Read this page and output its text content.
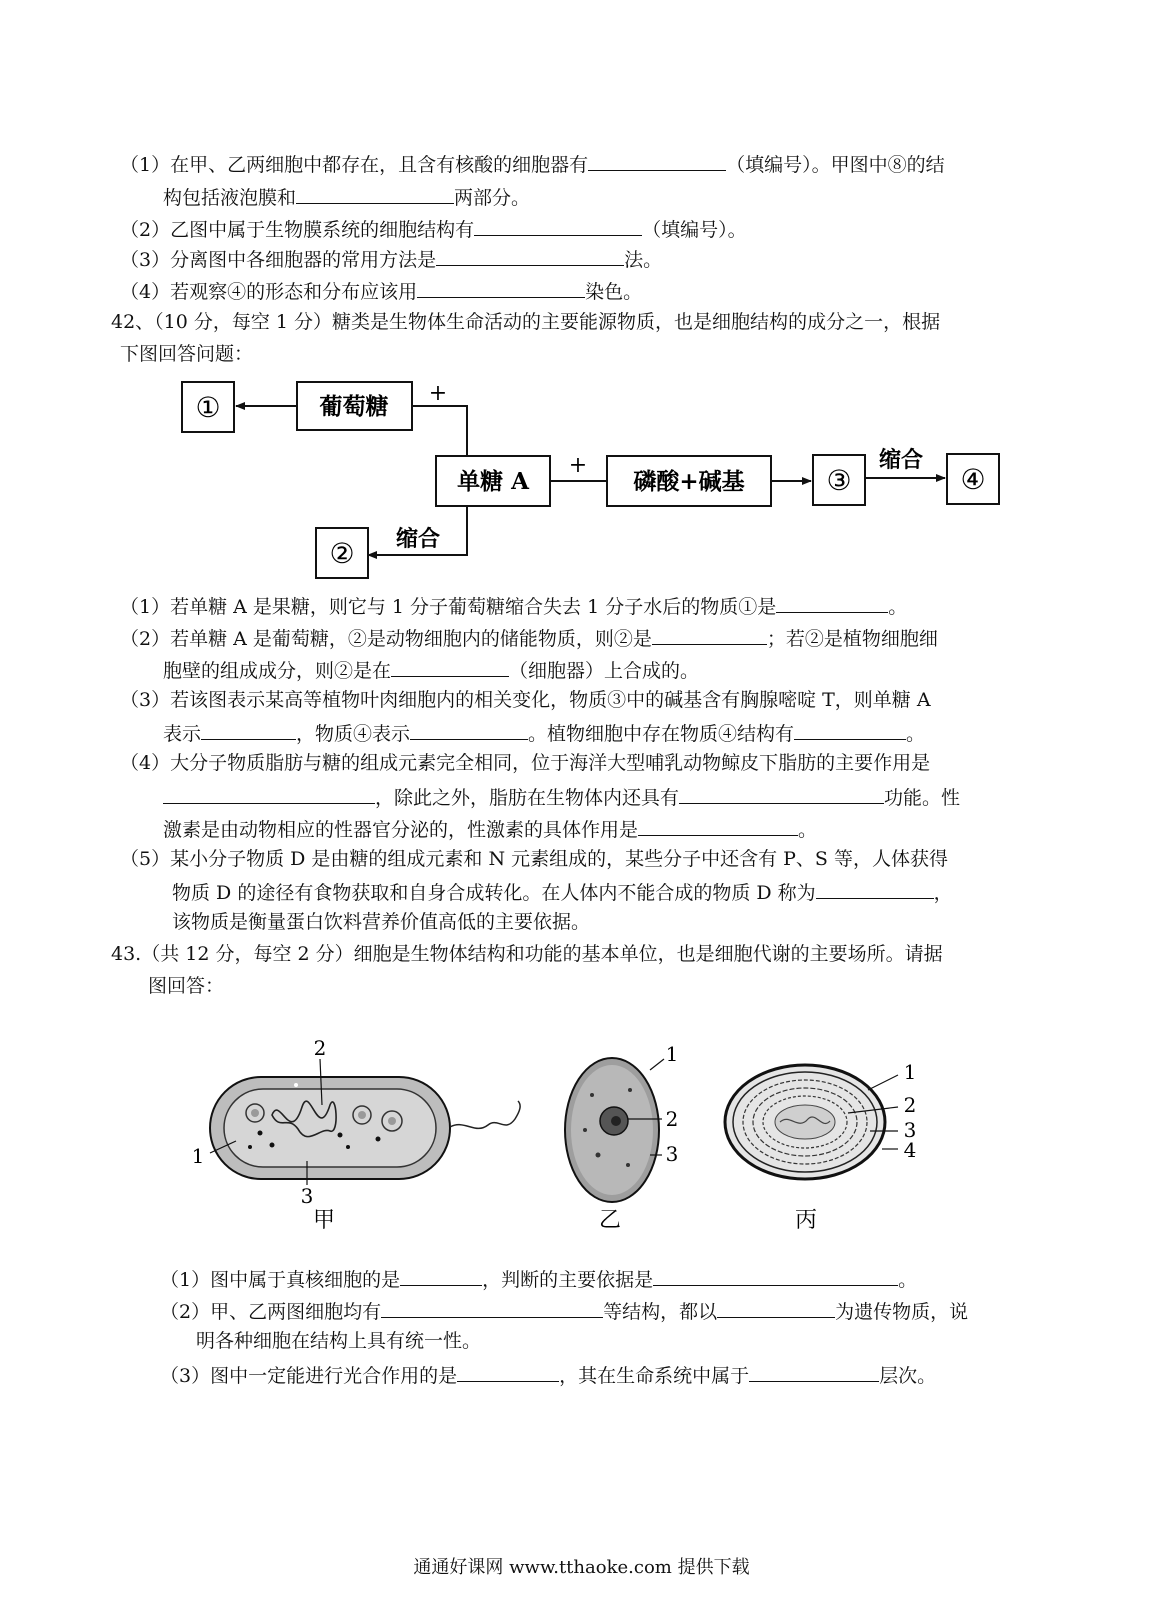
（1）在甲、乙两细胞中都存在，且含有核酸的细胞器有	（填编号）。甲图中⑧的结
构包括液泡膜和	两部分。
（2）乙图中属于生物膜系统的细胞结构有	（填编号）。
（3）分离图中各细胞器的常用方法是	法。
（4）若观察④的形态和分布应该用	染色。
42、（10 分，每空 1 分）糖类是生物体生命活动的主要能源物质，也是细胞结构的成分之一，根据
下图回答问题：
①	葡萄糖 +
单糖 A
+
磷酸+碱基	③
缩合
④
缩合
②
（1）若单糖 A 是果糖，则它与 1 分子葡萄糖缩合失去 1 分子水后的物质①是	。
（2）若单糖 A 是葡萄糖，②是动物细胞内的储能物质，则②是	；若②是植物细胞细
胞壁的组成成分，则②是在	（细胞器）上合成的。
（3）若该图表示某高等植物叶肉细胞内的相关变化，物质③中的碱基含有胸腺嘧啶 T，则单糖 A
表示	，物质④表示	。植物细胞中存在物质④结构有	。
（4）大分子物质脂肪与糖的组成元素完全相同，位于海洋大型哺乳动物鲸皮下脂肪的主要作用是
，除此之外，脂肪在生物体内还具有	功能。性
激素是由动物相应的性器官分泌的，性激素的具体作用是	。
（5）某小分子物质 D 是由糖的组成元素和 N 元素组成的，某些分子中还含有 P、S 等，人体获得
物质 D 的途径有食物获取和自身合成转化。在人体内不能合成的物质 D 称为	，
该物质是衡量蛋白饮料营养价值高低的主要依据。
43.（共 12 分，每空 2 分）细胞是生物体结构和功能的基本单位，也是细胞代谢的主要场所。请据
图回答：
2
1
3
1
2
3
1
2
3
4
甲	乙	丙
（1）图中属于真核细胞的是	，判断的主要依据是	。
（2）甲、乙两图细胞均有	等结构，都以	为遗传物质，说
明各种细胞在结构上具有统一性。
（3）图中一定能进行光合作用的是	，其在生命系统中属于	层次。
通通好课网 www.tthaoke.com 提供下载
